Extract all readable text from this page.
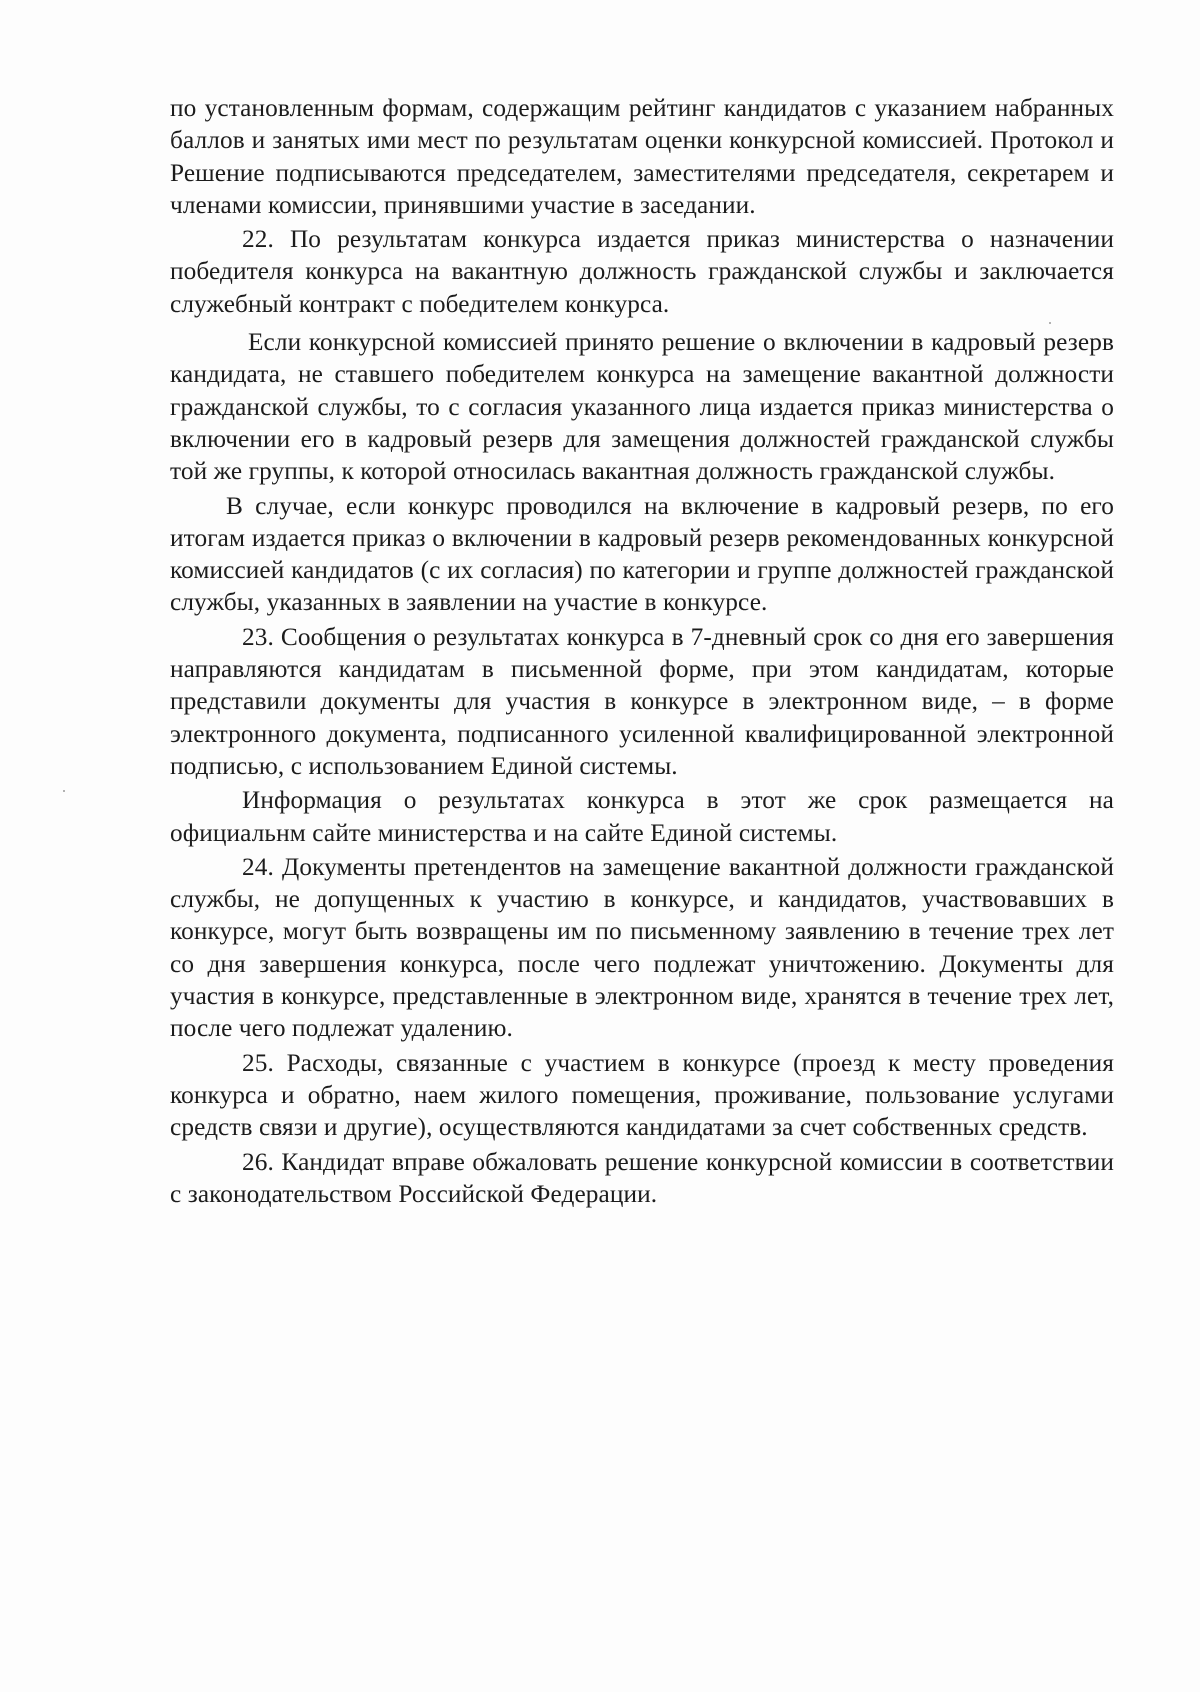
по установленным формам, содержащим рейтинг кандидатов с указанием набранных баллов и занятых ими мест по результатам оценки конкурсной комиссией. Протокол и Решение подписываются председателем, заместителями председателя, секретарем и членами комиссии, принявшими участие в заседании.

22. По результатам конкурса издается приказ министерства о назначении победителя конкурса на вакантную должность гражданской службы и заключается служебный контракт с победителем конкурса.

Если конкурсной комиссией принято решение о включении в кадровый резерв кандидата, не ставшего победителем конкурса на замещение вакантной должности гражданской службы, то с согласия указанного лица издается приказ министерства о включении его в кадровый резерв для замещения должностей гражданской службы той же группы, к которой относилась вакантная должность гражданской службы.

В случае, если конкурс проводился на включение в кадровый резерв, по его итогам издается приказ о включении в кадровый резерв рекомендованных конкурсной комиссией кандидатов (с их согласия) по категории и группе должностей гражданской службы, указанных в заявлении на участие в конкурсе.

23. Сообщения о результатах конкурса в 7-дневный срок со дня его завершения направляются кандидатам в письменной форме, при этом кандидатам, которые представили документы для участия в конкурсе в электронном виде, – в форме электронного документа, подписанного усиленной квалифицированной электронной подписью, с использованием Единой системы.

Информация о результатах конкурса в этот же срок размещается на официальнм сайте министерства и на сайте Единой системы.

24. Документы претендентов на замещение вакантной должности гражданской службы, не допущенных к участию в конкурсе, и кандидатов, участвовавших в конкурсе, могут быть возвращены им по письменному заявлению в течение трех лет со дня завершения конкурса, после чего подлежат уничтожению. Документы для участия в конкурсе, представленные в электронном виде, хранятся в течение трех лет, после чего подлежат удалению.

25. Расходы, связанные с участием в конкурсе (проезд к месту проведения конкурса и обратно, наем жилого помещения, проживание, пользование услугами средств связи и другие), осуществляются кандидатами за счет собственных средств.

26. Кандидат вправе обжаловать решение конкурсной комиссии в соответствии с законодательством Российской Федерации.
